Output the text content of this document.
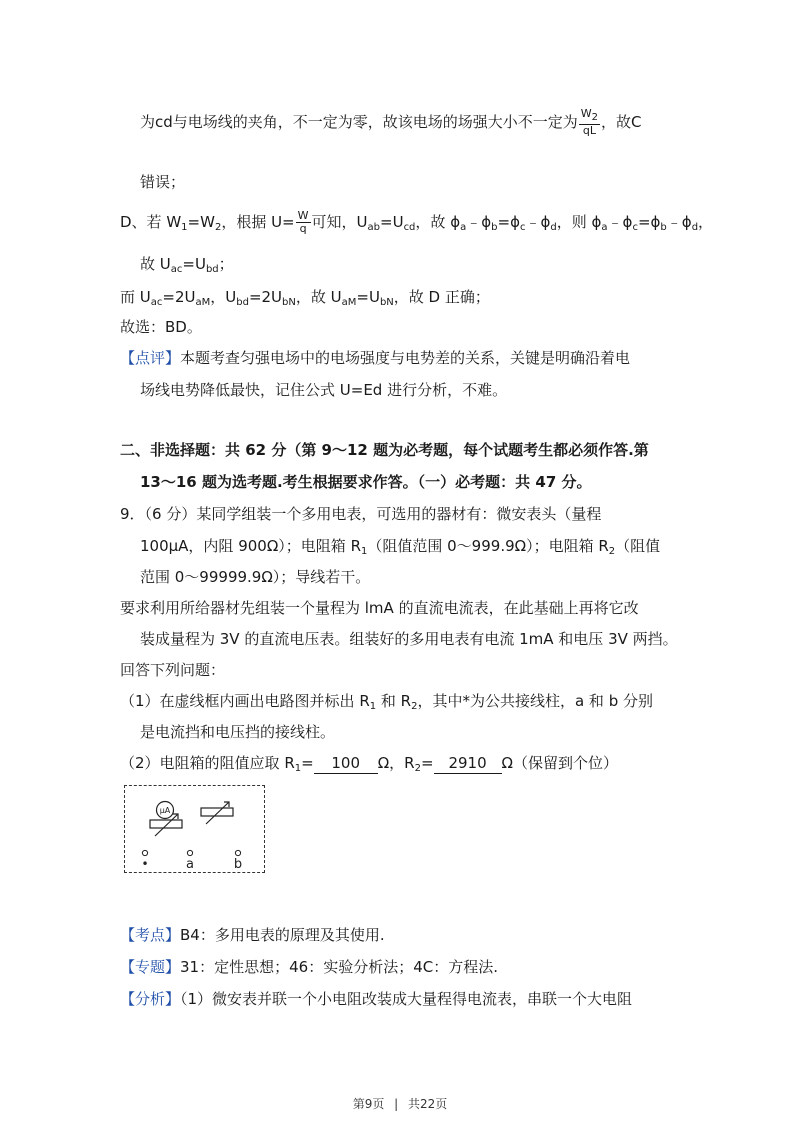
为cd与电场线的夹角，不一定为零，故该电场的场强大小不一定为 $\frac{W2}{qL}$ ，故C
错误；
D、若 $W_1=W_2$，根据 $U= \frac{W}{q}$ 可知，$U_{ab}=U_{cd}$，故 $\phi_a﹣\phi_b=\phi_c﹣\phi_d$，则 $\phi_a﹣\phi_c=\phi_b﹣\phi_d$，
故 $U_{ac}=U_{bd}$；
而 $U_{ac}=2U_{aM}$，$U_{bd}=2U_{bN}$，故 $U_{aM}=U_{bN}$，故 D 正确；
故选：BD。
【点评】本题考查匀强电场中的电场强度与电势差的关系，关键是明确沿着电
场线电势降低最快，记住公式 U=Ed 进行分析，不难。
二、非选择题：共 62 分（第 9～12 题为必考题，每个试题考生都必须作答.第
13～16 题为选考题.考生根据要求作答。（一）必考题：共 47 分。
9．（6 分）某同学组装一个多用电表，可选用的器材有：微安表头（量程
100μA，内阻 900Ω）；电阻箱 $R_1$（阻值范围 0～999.9Ω）；电阻箱 $R_2$（阻值
范围 0～99999.9Ω）；导线若干。
要求利用所给器材先组装一个量程为 lmA 的直流电流表，在此基础上再将它改
装成量程为 3V 的直流电压表。组装好的多用电表有电流 1mA 和电压 3V 两挡。
回答下列问题：
（1）在虚线框内画出电路图并标出 $R_1$ 和 $R_2$，其中*为公共接线柱，a 和 b 分别
是电流挡和电压挡的接线柱。
（2）电阻箱的阻值应取 $R_1= 100$ Ω，$R_2= 2910$ Ω（保留到个位）
μA
•	a	b
【考点】B4：多用电表的原理及其使用.
【专题】31：定性思想；46：实验分析法；4C：方程法.
【分析】（1）微安表并联一个小电阻改装成大量程得电流表，串联一个大电阻
第9页 | 共22页
